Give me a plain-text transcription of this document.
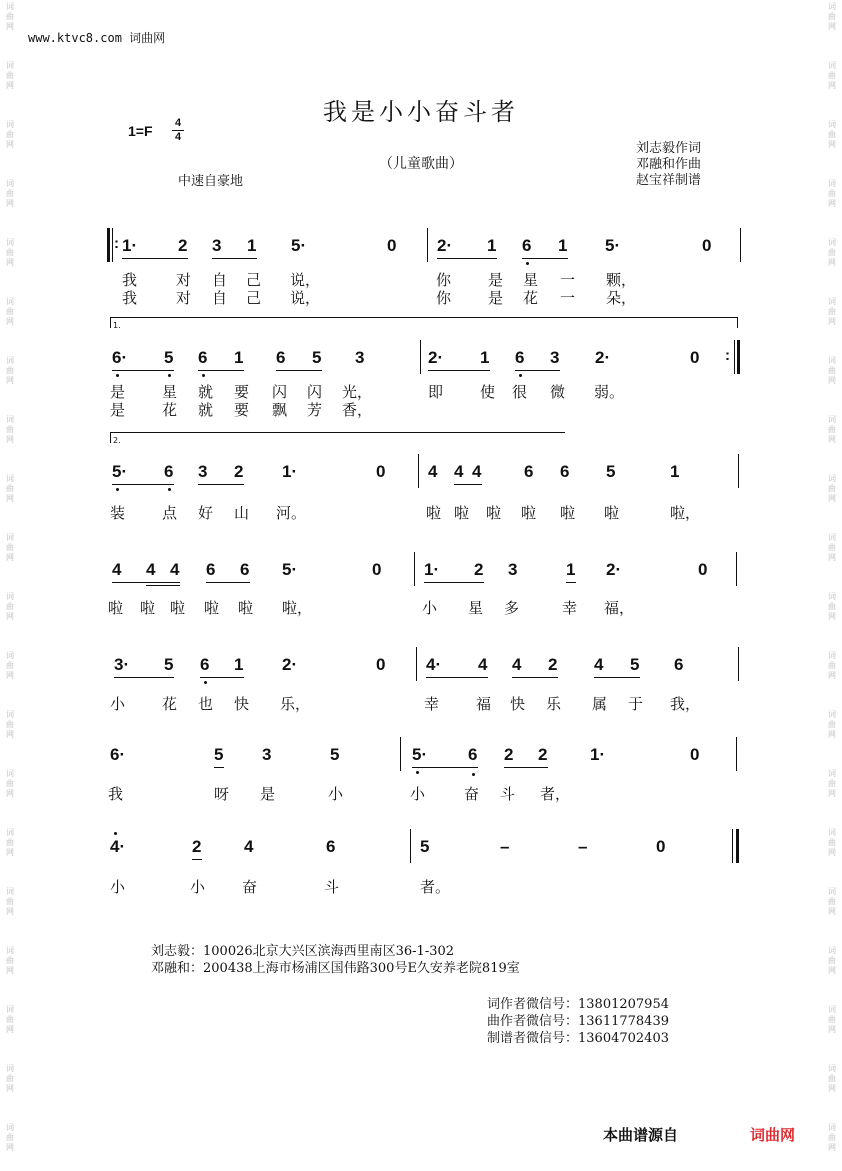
词曲网
词曲网
词曲网
词曲网
词曲网
词曲网
词曲网
词曲网
词曲网
词曲网
词曲网
词曲网
词曲网
词曲网
词曲网
词曲网
词曲网
词曲网
词曲网
词曲网
词曲网
词曲网
词曲网
词曲网
词曲网
词曲网
词曲网
词曲网
词曲网
词曲网
词曲网
词曲网
词曲网
词曲网
词曲网
词曲网
词曲网
词曲网
词曲网
词曲网
www.ktvc8.com 词曲网
我是小小奋斗者
1=F 4
4
（儿童歌曲）
中速自豪地
刘志毅作词
邓融和作曲
赵宝祥制谱
: 1· 2 3 1 5·	0 2· 1 6 1 5·	0
我	对 自 己 说，	你 是 星 一 颗，
我	对 自 己 说，	你 是 花 一 朵，
1.
6· 5 6 1 6 5 3	2· 1 6 3 2·	0 :
是 星 就 要 闪 闪 光，	即 使 很 微 弱。
是 花 就 要 飘 芳 香，
2.
5· 6 3 2 1·	0	4 4 4	6 6 5	1
装 点 好 山 河。	啦 啦 啦 啦 啦 啦	啦，
4 4 4 6 6 5·	0	1· 2 3	1 2·	0
啦 啦 啦 啦 啦 啦，	小 星 多	幸 福，
3· 5 6 1 2·	0 4· 4 4 2 4 5 6
小 花 也 快 乐，	幸 福 快 乐 属 于 我，
6·	5 3	5	5· 6 2 2	1·	0
我	呀 是	小	小	奋 斗 者，
4·	2	4	6	5	–	–	0
小	小 奋	斗	者。
刘志毅：100026北京大兴区滨海西里南区36-1-302
邓融和：200438上海市杨浦区国伟路300号E久安养老院819室
词作者微信号：13801207954
曲作者微信号：13611778439
制谱者微信号：13604702403
本曲谱源自	词曲网
